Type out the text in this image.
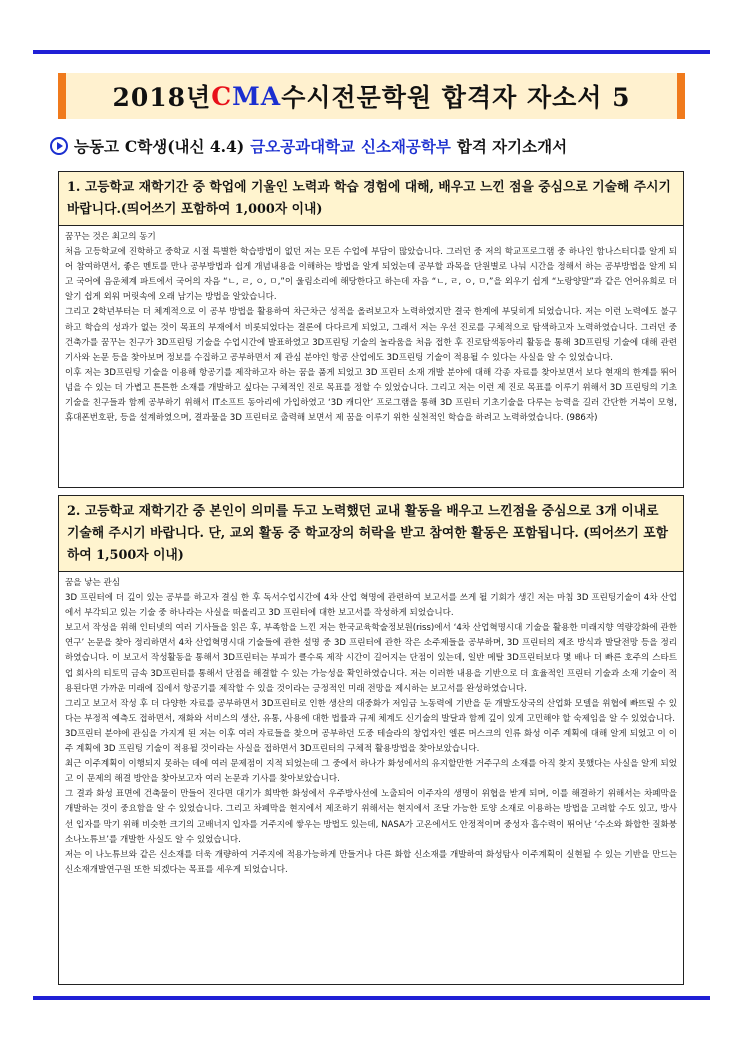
2018년 C MA 수시전문학원 합격자 자소서 5
능동고 C학생(내신 4.4) 금오공과대학교 신소재공학부 합격 자기소개서
1. 고등학교 재학기간 중 학업에 기울인 노력과 학습 경험에 대해, 배우고 느낀 점을 중심으로 기술해 주시기 바랍니다.(띄어쓰기 포함하여 1,000자 이내)

꿈꾸는 것은 최고의 동기

처음 고등학교에 진학하고 중학교 시절 특별한 학습방법이 없던 저는 모든 수업에 부담이 많았습니다. 그러던 중 저의 학교프로그램 중 하나인 함나스터디를 알게 되어 참여하면서, 좋은 멘토를 만나 공부방법과 쉽게 개념내용을 이해하는 방법을 알게 되었는데 공부할 과목을 단원별로 나눠 시간을 정해서 하는 공부방법을 알게 되고 국어에 음운체계 파트에서 국어의 자음 “ㄴ, ㄹ, ㅇ, ㅁ,”이 울림소리에 해당한다고 하는데 자음 “ㄴ, ㄹ, ㅇ, ㅁ,”을 외우기 쉽게 “노랑양말”과 같은 언어유희로 더 알기 쉽게 외워 머릿속에 오래 남기는 방법을 알았습니다.

그리고 2학년부터는 더 체계적으로 이 공부 방법을 활용하여 차근차근 성적을 올려보고자 노력하였지만 결국 한계에 부딪히게 되었습니다. 저는 이런 노력에도 불구하고 학습의 성과가 없는 것이 목표의 부재에서 비롯되었다는 결론에 다다르게 되었고, 그래서 저는 우선 진로를 구체적으로 탐색하고자 노력하였습니다. 그러던 중 건축가를 꿈꾸는 친구가 3D프린팅 기술을 수업시간에 발표하였고 3D프린팅 기술의 놀라움을 처음 접한 후 진로탐색동아리 활동을 통해 3D프린팅 기술에 대해 관련기사와 논문 등을 찾아보며 정보를 수집하고 공부하면서 제 관심 분야인 항공 산업에도 3D프린팅 기술이 적용될 수 있다는 사실을 알 수 있었습니다.

이후 저는 3D프린팅 기술을 이용해 항공기를 제작하고자 하는 꿈을 품게 되었고 3D 프린터 소재 개발 분야에 대해 각종 자료를 찾아보면서 보다 현재의 한계를 뛰어넘을 수 있는 더 가볍고 튼튼한 소재를 개발하고 싶다는 구체적인 진로 목표를 정할 수 있었습니다. 그리고 저는 이런 제 진로 목표를 이루기 위해서 3D 프린팅의 기초기술을 친구들과 함께 공부하기 위해서 IT소프트 동아리에 가입하였고 ‘3D 캐디안’ 프로그램을 통해 3D 프린터 기초기술을 다루는 능력을 길러 간단한 거북이 모형, 휴대폰번호판, 등을 설계하였으며, 결과물을 3D 프린터로 출력해 보면서 제 꿈을 이루기 위한 실천적인 학습을 하려고 노력하였습니다. (986자)

2. 고등학교 재학기간 중 본인이 의미를 두고 노력했던 교내 활동을 배우고 느낀점을 중심으로 3개 이내로 기술해 주시기 바랍니다. 단, 교외 활동 중 학교장의 허락을 받고 참여한 활동은 포함됩니다. (띄어쓰기 포함하여 1,500자 이내)

꿈을 낳는 관심

3D 프린터에 더 깊이 있는 공부를 하고자 결심 한 후 독서수업시간에 4차 산업 혁명에 관련하여 보고서를 쓰게 될 기회가 생긴 저는 마침 3D 프린팅기술이 4차 산업에서 부각되고 있는 기술 중 하나라는 사실을 떠올리고 3D 프린터에 대한 보고서를 작성하게 되었습니다.

보고서 작성을 위해 인터넷의 여러 기사들을 읽은 후, 부족함을 느낀 저는 한국교육학술정보원(riss)에서 ‘4차 산업혁명시대 기술을 활용한 미래지향 역량강화에 관한연구’ 논문을 찾아 정리하면서 4차 산업혁명시대 기술들에 관한 설명 중 3D 프린터에 관한 작은 소주제들을 공부하며, 3D 프린터의 제조 방식과 발달전망 등을 정리하였습니다. 이 보고서 작성활동을 통해서 3D프린터는 부피가 클수록 제작 시간이 길어지는 단점이 있는데, 일반 메탈 3D프린터보다 몇 배나 더 빠른 호주의 스타트업 회사의 티토믹 금속 3D프린터를 통해서 단점을 해결할 수 있는 가능성을 확인하였습니다. 저는 이러한 내용을 기반으로 더 효율적인 프린터 기술과 소재 기술이 적용된다면 가까운 미래에 집에서 항공기를 제작할 수 있을 것이라는 긍정적인 미래 전망을 제시하는 보고서를 완성하였습니다.

그리고 보고서 작성 후 더 다양한 자료를 공부하면서 3D프린터로 인한 생산의 대중화가 저임금 노동력에 기반을 둔 개발도상국의 산업화 모델을 위협에 빠뜨릴 수 있다는 부정적 예측도 접하면서, 재화와 서비스의 생산, 유통, 사용에 대한 법률과 규제 체계도 신기술의 발달과 함께 깊이 있게 고민해야 할 숙제임을 알 수 있었습니다.

3D프린터 분야에 관심을 가지게 된 저는 이후 여러 자료들을 찾으며 공부하던 도중 테슬라의 창업자인 엘론 머스크의 인류 화성 이주 계획에 대해 알게 되었고 이 이주 계획에 3D 프린팅 기술이 적용될 것이라는 사실을 접하면서 3D프린터의 구체적 활용방법을 찾아보았습니다.

최근 이주계획이 이행되지 못하는 데에 여러 문제점이 지적 되었는데 그 중에서 하나가 화성에서의 유지할만한 거주구의 소재를 아직 찾지 못했다는 사실을 알게 되었고 이 문제의 해결 방안을 찾아보고자 여러 논문과 기사를 찾아보았습니다.

그 결과 화성 표면에 건축물이 만들어 진다면 대기가 희박한 화성에서 우주방사선에 노출되어 이주자의 생명이 위협을 받게 되며, 이를 해결하기 위해서는 차폐막을 개발하는 것이 중요함을 알 수 있었습니다. 그리고 차폐막을 현지에서 제조하기 위해서는 현지에서 조달 가능한 토양 소재로 이용하는 방법을 고려할 수도 있고, 방사선 입자를 막기 위해 비슷한 크기의 고배너지 입자를 거주지에 쌓우는 방법도 있는데, NASA가 고온에서도 안정적이며 중성자 흡수력이 뛰어난 ‘수소와 화합한 질화붕소나노튜브’를 개발한 사실도 알 수 있었습니다.

저는 이 나노튜브와 같은 신소재를 더욱 개량하여 거주지에 적용가능하게 만들거나 다른 화합 신소재를 개발하여 화성탐사 이주계획이 실현될 수 있는 기반을 만드는 신소재개발연구원 또한 되겠다는 목표를 세우게 되었습니다.
